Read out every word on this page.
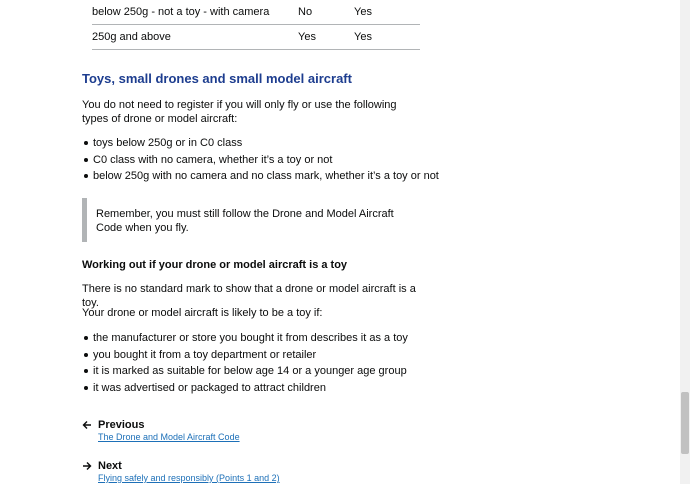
below 250g - not a toy - with camera	No	Yes
250g and above	Yes	Yes
Toys, small drones and small model aircraft

You do not need to register if you will only fly or use the following types of drone or model aircraft:

toys below 250g or in C0 class
C0 class with no camera, whether it’s a toy or not
below 250g with no camera and no class mark, whether it’s a toy or not

Remember, you must still follow the Drone and Model Aircraft Code when you fly.

Working out if your drone or model aircraft is a toy

There is no standard mark to show that a drone or model aircraft is a toy.

Your drone or model aircraft is likely to be a toy if:

the manufacturer or store you bought it from describes it as a toy
you bought it from a toy department or retailer
it is marked as suitable for below age 14 or a younger age group
it was advertised or packaged to attract children
Previous
The Drone and Model Aircraft Code
Next
Flying safely and responsibly (Points 1 and 2)
